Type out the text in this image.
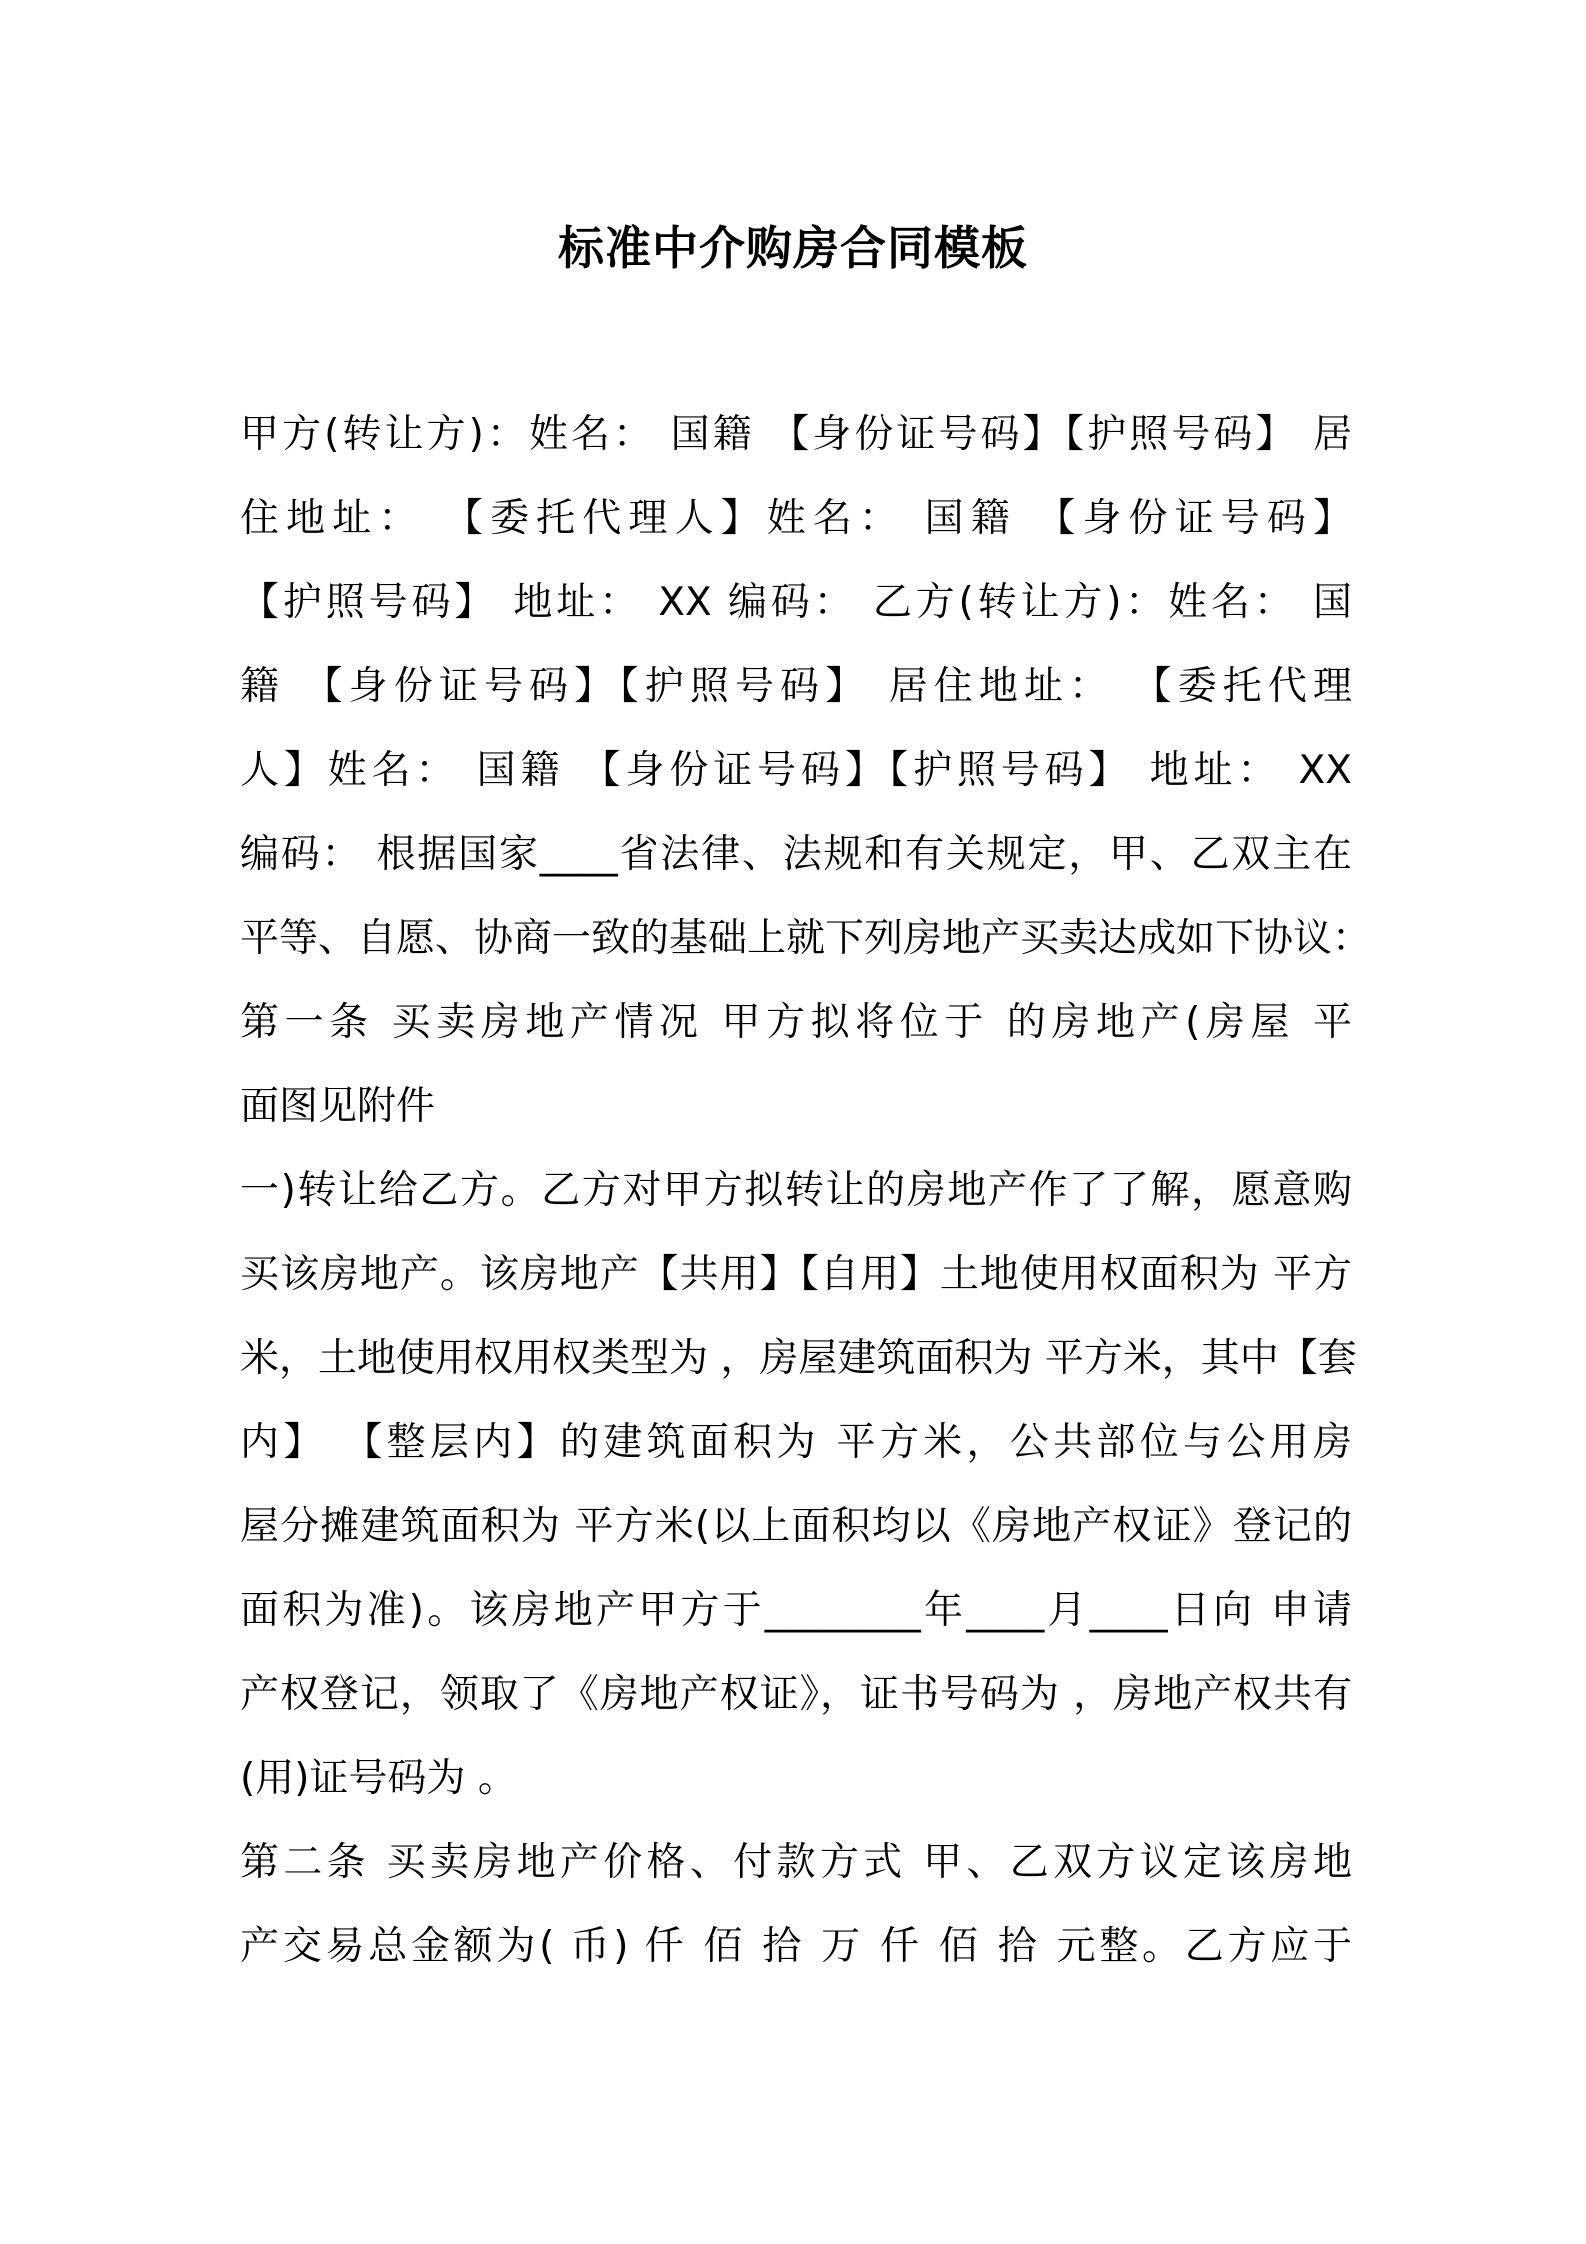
标准中介购房合同模板
甲方(转让方)：姓名： 国籍 【身份证号码】【护照号码】 居
住地址： 【委托代理人】姓名： 国籍 【身份证号码】
【护照号码】 地址： XX 编码： 乙方(转让方)：姓名： 国
籍 【身份证号码】【护照号码】 居住地址： 【委托代理
人】姓名： 国籍 【身份证号码】【护照号码】 地址： XX
编码： 根据国家____省法律、法规和有关规定，甲、乙双主在
平等、自愿、协商一致的基础上就下列房地产买卖达成如下协议：
第一条 买卖房地产情况 甲方拟将位于 的房地产(房屋 平
面图见附件
一)转让给乙方。乙方对甲方拟转让的房地产作了了解，愿意购
买该房地产。该房地产【共用】【自用】土地使用权面积为 平方
米，土地使用权用权类型为 ，房屋建筑面积为 平方米，其中【套
内】 【整层内】的建筑面积为 平方米，公共部位与公用房
屋分摊建筑面积为 平方米(以上面积均以《房地产权证》登记的
面积为准)。该房地产甲方于________年____月____日向 申请
产权登记，领取了《房地产权证》，证书号码为 ，房地产权共有
(用)证号码为 。
第二条 买卖房地产价格、付款方式 甲、乙双方议定该房地
产交易总金额为( 币) 仟 佰 拾 万 仟 佰 拾 元整。乙方应于
